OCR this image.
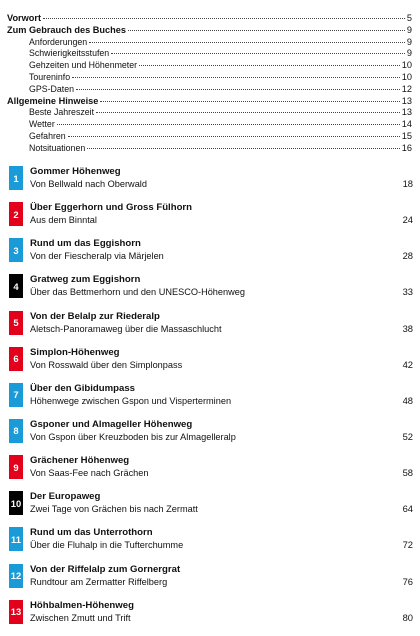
Vorwort	5
Zum Gebrauch des Buches	9
Anforderungen	9
Schwierigkeitsstufen	9
Gehzeiten und Höhenmeter	10
Toureninfo	10
GPS-Daten	12
Allgemeine Hinweise	13
Beste Jahreszeit	13
Wetter	14
Gefahren	15
Notsituationen	16
1
Gommer Höhenweg
Von Bellwald nach Oberwald	18
2
Über Eggerhorn und Gross Fülhorn
Aus dem Binntal	24
3
Rund um das Eggishorn
Von der Fiescheralp via Märjelen	28
4
Gratweg zum Eggishorn
Über das Bettmerhorn und den UNESCO-Höhenweg	33
5
Von der Belalp zur Riederalp
Aletsch-Panoramaweg über die Massaschlucht	38
6
Simplon-Höhenweg
Von Rosswald über den Simplonpass	42
7
Über den Gibidumpass
Höhenwege zwischen Gspon und Visperterminen	48
8
Gsponer und Almageller Höhenweg
Von Gspon über Kreuzboden bis zur Almagelleralp	52
9
Grächener Höhenweg
Von Saas-Fee nach Grächen	58
10
Der Europaweg
Zwei Tage von Grächen bis nach Zermatt	64
11
Rund um das Unterrothorn
Über die Fluhalp in die Tufterchumme	72
12
Von der Riffelalp zum Gornergrat
Rundtour am Zermatter Riffelberg	76
13
Höhbalmen-Höhenweg
Zwischen Zmutt und Trift	80
